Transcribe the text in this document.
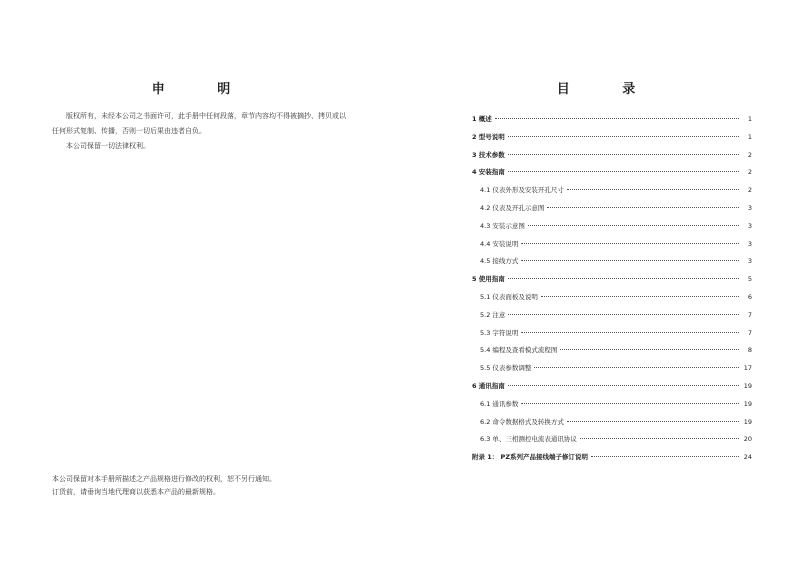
申 明

版权所有，未经本公司之书面许可，此手册中任何段落，章节内容均不得被摘抄、拷贝或以任何形式复制、传播，否则一切后果由违者自负。

本公司保留一切法律权利。

本公司保留对本手册所描述之产品规格进行修改的权利，恕不另行通知。

订货前，请垂询当地代理商以获悉本产品的最新规格。

目 录
1 概述	1
2 型号说明	1
3 技术参数	2
4 安装指南	2
4.1 仪表外形及安装开孔尺寸	2
4.2 仪表及开孔示意图	3
4.3 安装示意图	3
4.4 安装说明	3
4.5 接线方式	3
5 使用指南	5
5.1 仪表面板及说明	6
5.2 注意	7
5.3 字符说明	7
5.4 编程及查看模式流程图	8
5.5 仪表参数调整	17
6 通讯指南	19
6.1 通讯参数	19
6.2 命令数据格式及转换方式	19
6.3 单、三相测控电流表通讯协议	20
附录 1： PZ系列产品接线端子修订说明	24
